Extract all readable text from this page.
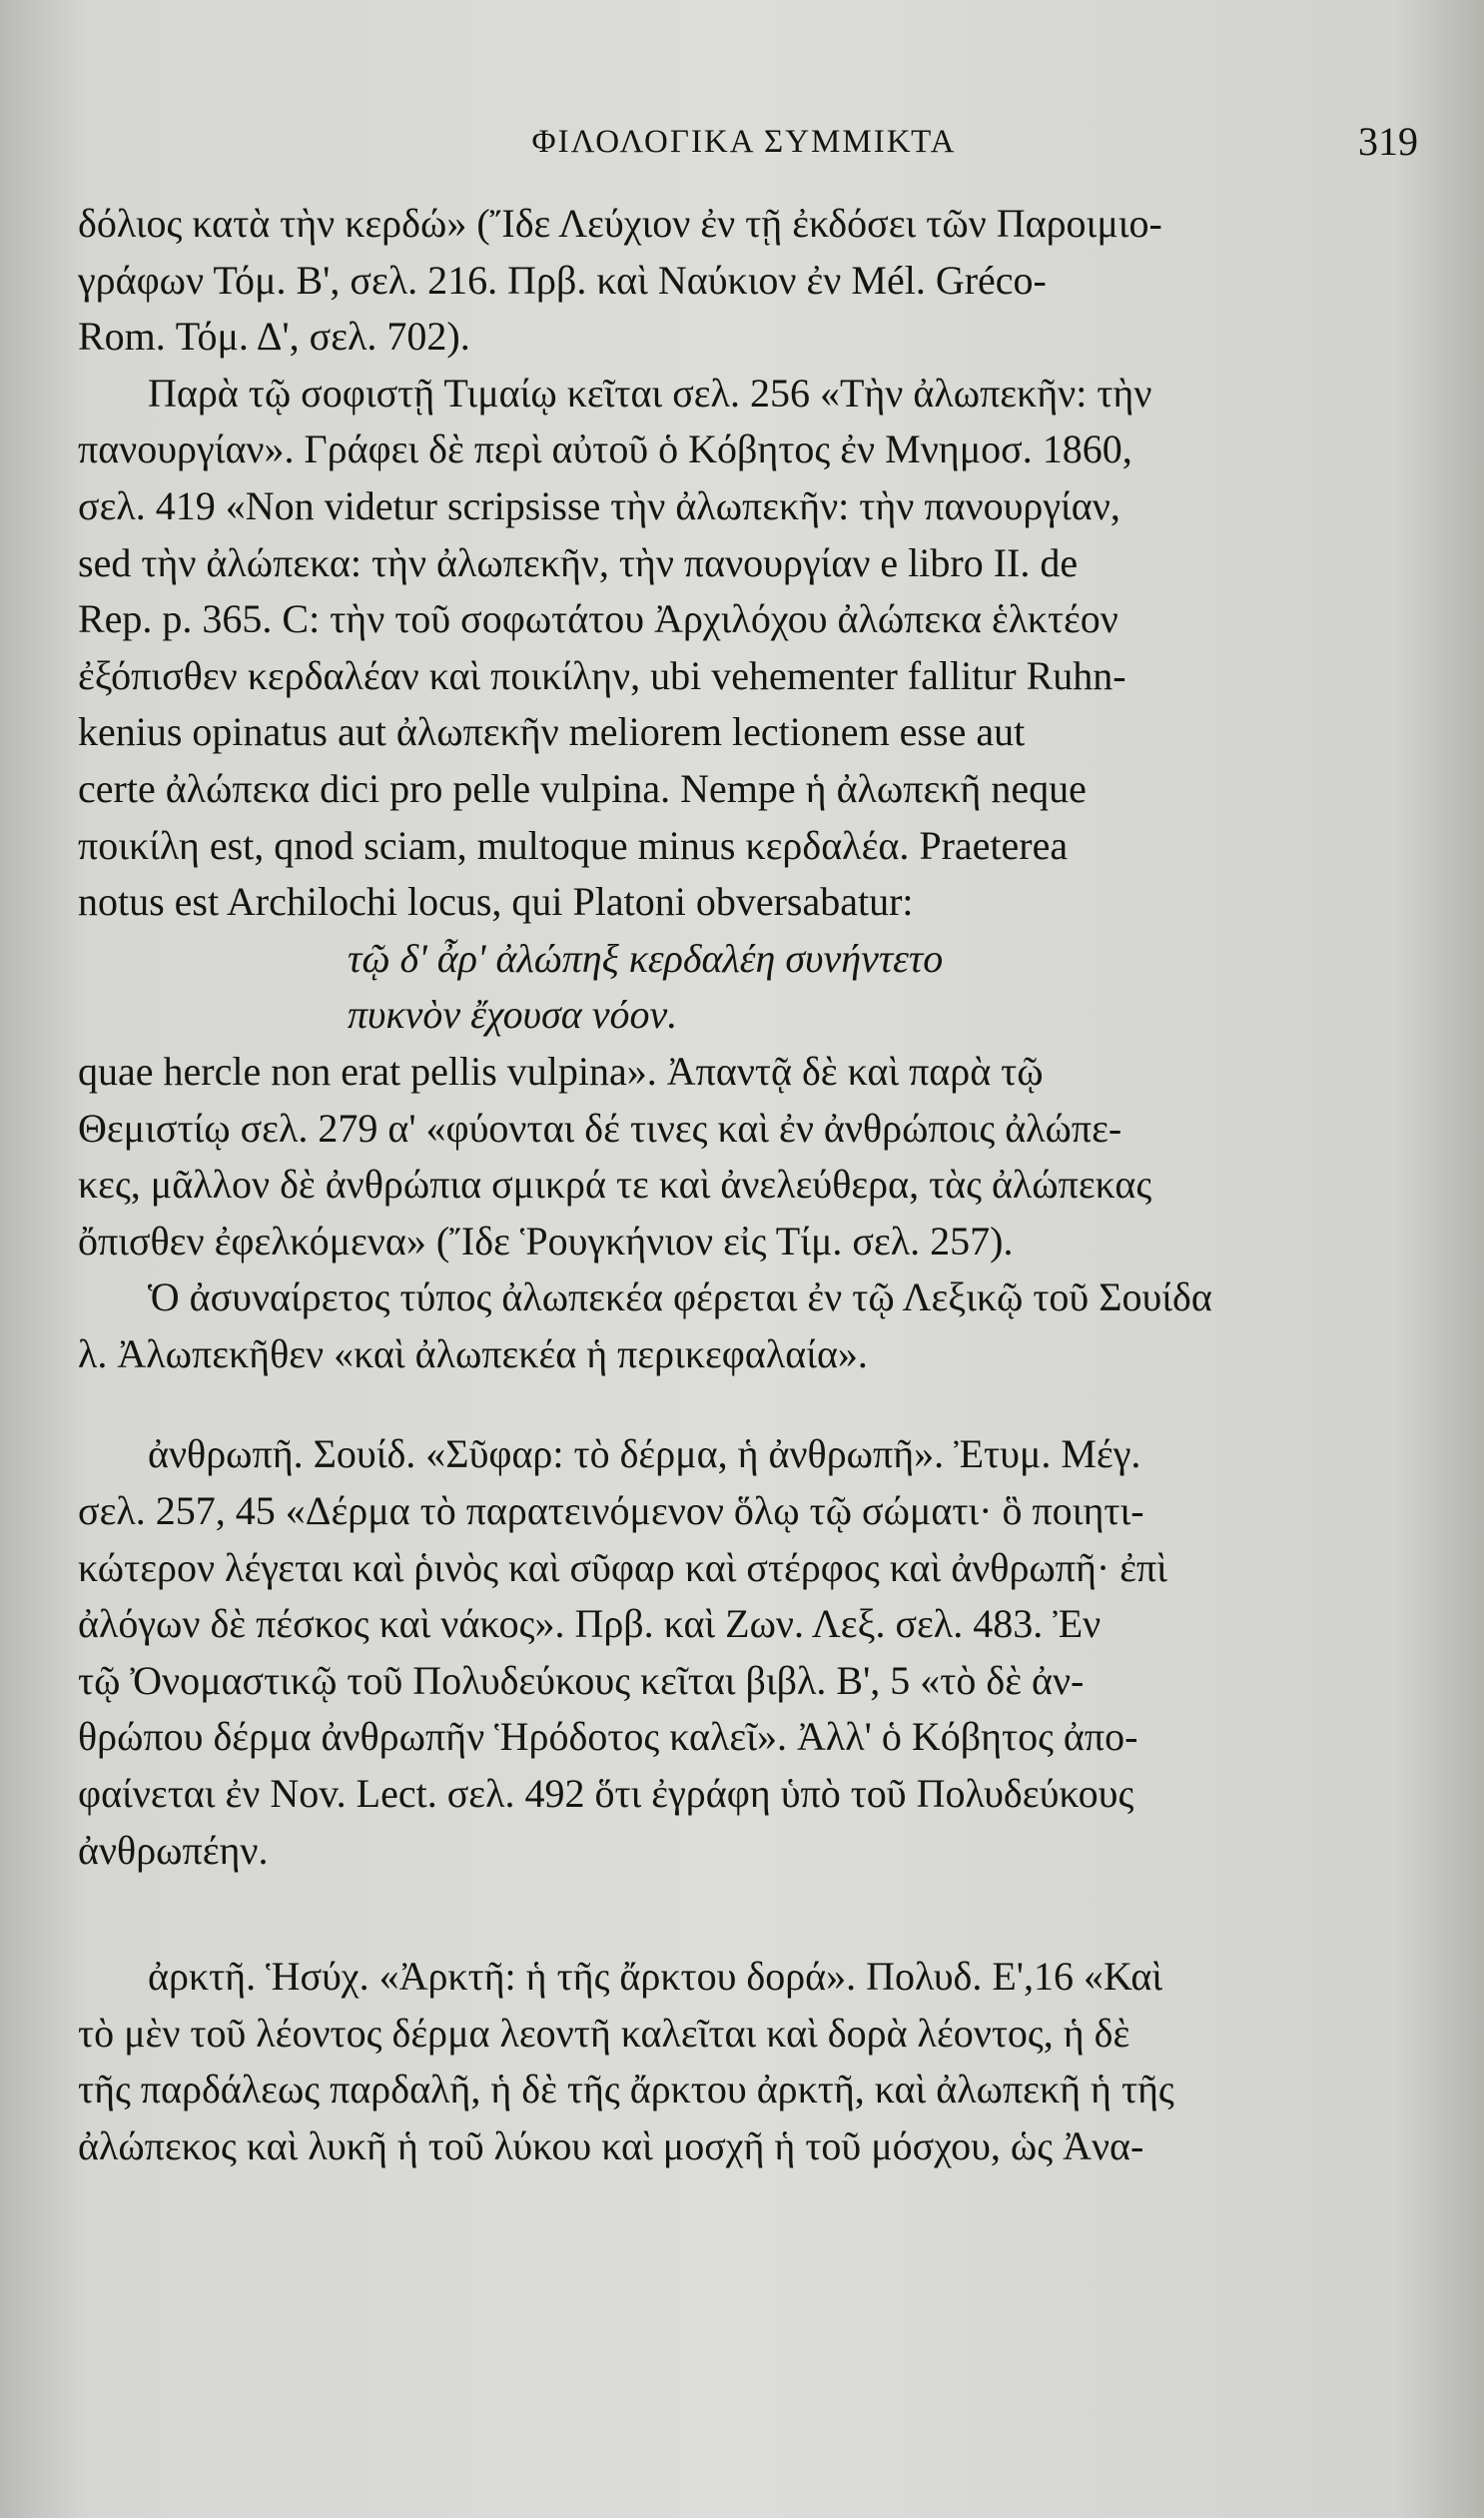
ΦΙΛΟΛΟΓΙΚΑ ΣΥΜΜΙΚΤΑ	319
δόλιος κατὰ τὴν κερδώ» (Ἴδε Λεύχιον ἐν τῇ ἐκδόσει τῶν Παροιμιο-
γράφων Τόμ. Β', σελ. 216. Πρβ. καὶ Ναύκιον ἐν Mél. Gréco-
Rom. Τόμ. Δ', σελ. 702).
Παρὰ τῷ σοφιστῇ Τιμαίῳ κεῖται σελ. 256 «Τὴν ἀλωπεκῆν: τὴν
πανουργίαν». Γράφει δὲ περὶ αὐτοῦ ὁ Κόβητος ἐν Μνημοσ. 1860,
σελ. 419 «Non videtur scripsisse τὴν ἀλωπεκῆν: τὴν πανουργίαν,
sed τὴν ἀλώπεκα: τὴν ἀλωπεκῆν, τὴν πανουργίαν e libro II. de
Rep. p. 365. C: τὴν τοῦ σοφωτάτου Ἀρχιλόχου ἀλώπεκα ἑλκτέον
ἐξόπισθεν κερδαλέαν καὶ ποικίλην, ubi vehementer fallitur Ruhn-
kenius opinatus aut ἀλωπεκῆν meliorem lectionem esse aut
certe ἀλώπεκα dici pro pelle vulpina. Nempe ἡ ἀλωπεκῆ neque
ποικίλη est, qnod sciam, multoque minus κερδαλέα. Praeterea
notus est Archilochi locus, qui Platoni obversabatur:
τῷ δ' ἆρ' ἀλώπηξ κερδαλέη συνήντετο
πυκνὸν ἔχουσα νόον.
quae hercle non erat pellis vulpina». Ἀπαντᾷ δὲ καὶ παρὰ τῷ
Θεμιστίῳ σελ. 279 α' «φύονται δέ τινες καὶ ἐν ἀνθρώποις ἀλώπε-
κες, μᾶλλον δὲ ἀνθρώπια σμικρά τε καὶ ἀνελεύθερα, τὰς ἀλώπεκας
ὄπισθεν ἐφελκόμενα» (Ἴδε Ῥουγκήνιον εἰς Τίμ. σελ. 257).
Ὁ ἀσυναίρετος τύπος ἀλωπεκέα φέρεται ἐν τῷ Λεξικῷ τοῦ Σουίδα
λ. Ἀλωπεκῆθεν «καὶ ἀλωπεκέα ἡ περικεφαλαία».
ἀνθρωπῆ. Σουίδ. «Σῦφαρ: τὸ δέρμα, ἡ ἀνθρωπῆ». Ἐτυμ. Μέγ.
σελ. 257, 45 «Δέρμα τὸ παρατεινόμενον ὅλῳ τῷ σώματι· ὃ ποιητι-
κώτερον λέγεται καὶ ῥινὸς καὶ σῦφαρ καὶ στέρφος καὶ ἀνθρωπῆ· ἐπὶ
ἀλόγων δὲ πέσκος καὶ νάκος». Πρβ. καὶ Ζων. Λεξ. σελ. 483. Ἐν
τῷ Ὀνομαστικῷ τοῦ Πολυδεύκους κεῖται βιβλ. Β', 5 «τὸ δὲ ἀν-
θρώπου δέρμα ἀνθρωπῆν Ἡρόδοτος καλεῖ». Ἀλλ' ὁ Κόβητος ἀπο-
φαίνεται ἐν Nov. Lect. σελ. 492 ὅτι ἐγράφη ὑπὸ τοῦ Πολυδεύκους
ἀνθρωπέην.
ἀρκτῆ. Ἡσύχ. «Ἀρκτῆ: ἡ τῆς ἄρκτου δορά». Πολυδ. Ε',16 «Καὶ
τὸ μὲν τοῦ λέοντος δέρμα λεοντῆ καλεῖται καὶ δορὰ λέοντος, ἡ δὲ
τῆς παρδάλεως παρδαλῆ, ἡ δὲ τῆς ἄρκτου ἀρκτῆ, καὶ ἀλωπεκῆ ἡ τῆς
ἀλώπεκος καὶ λυκῆ ἡ τοῦ λύκου καὶ μοσχῆ ἡ τοῦ μόσχου, ὡς Ἀνα-
